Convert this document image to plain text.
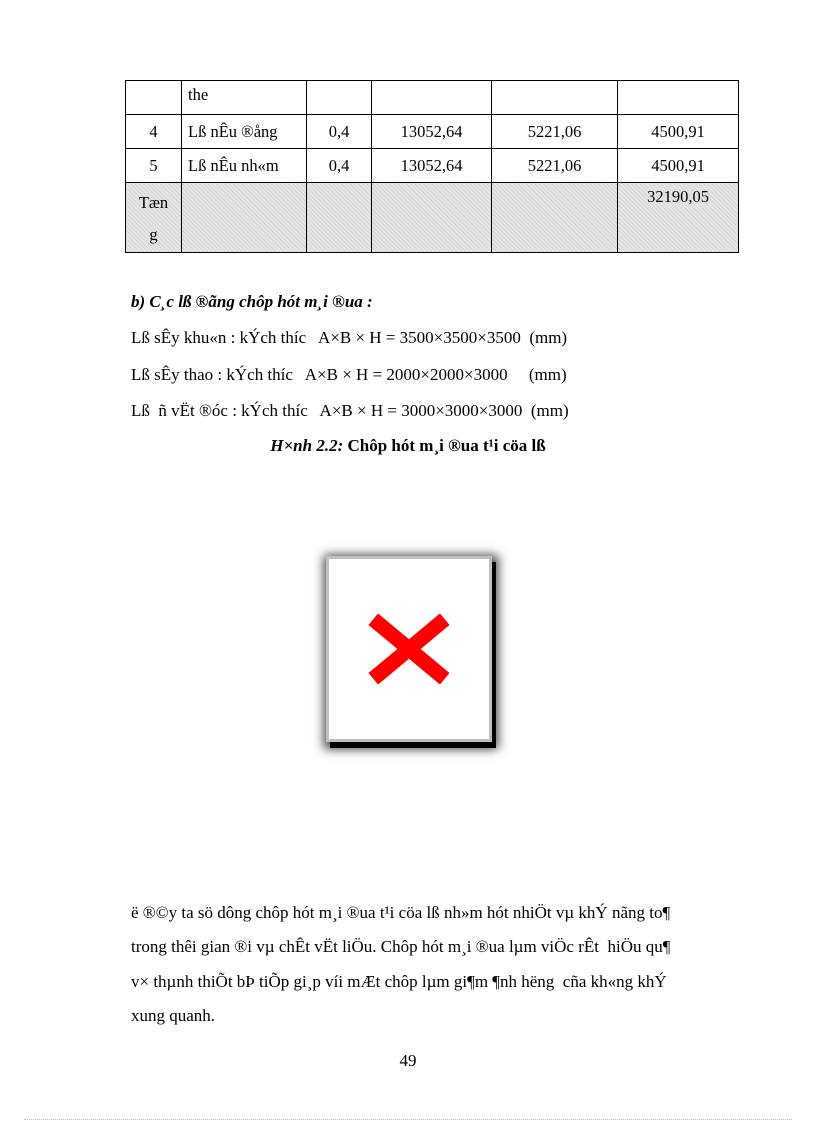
	the				
4	Lß nÊu ®ång	0,4	13052,64	5221,06	4500,91
5	Lß nÊu nh«m	0,4	13052,64	5221,06	4500,91

Tæn
g					32190,05
b) C¸c lß ®ãng chôp hót m¸i ®ua :
Lß sÊy khu«n : kÝch thíc   A×B × H = 3500×3500×3500  (mm)
Lß sÊy thao : kÝch thíc   A×B × H = 2000×2000×3000     (mm)
Lß  ñ vËt ®óc : kÝch thíc   A×B × H = 3000×3000×3000  (mm)
H×nh 2.2: Chôp hót m¸i ®ua t¹i cöa lß
ë ®©y ta sö dông chôp hót m¸i ®ua t¹i cöa lß nh»m hót nhiÖt vµ khÝ nãng to¶
trong thêi gian ®i vµ chÊt vËt liÖu. Chôp hót m¸i ®ua lµm viÖc rÊt  hiÖu qu¶
v× thµnh thiÕt bÞ tiÕp gi¸p víi mÆt chôp lµm gi¶m ¶nh hëng  cña kh«ng khÝ
xung quanh.
49
